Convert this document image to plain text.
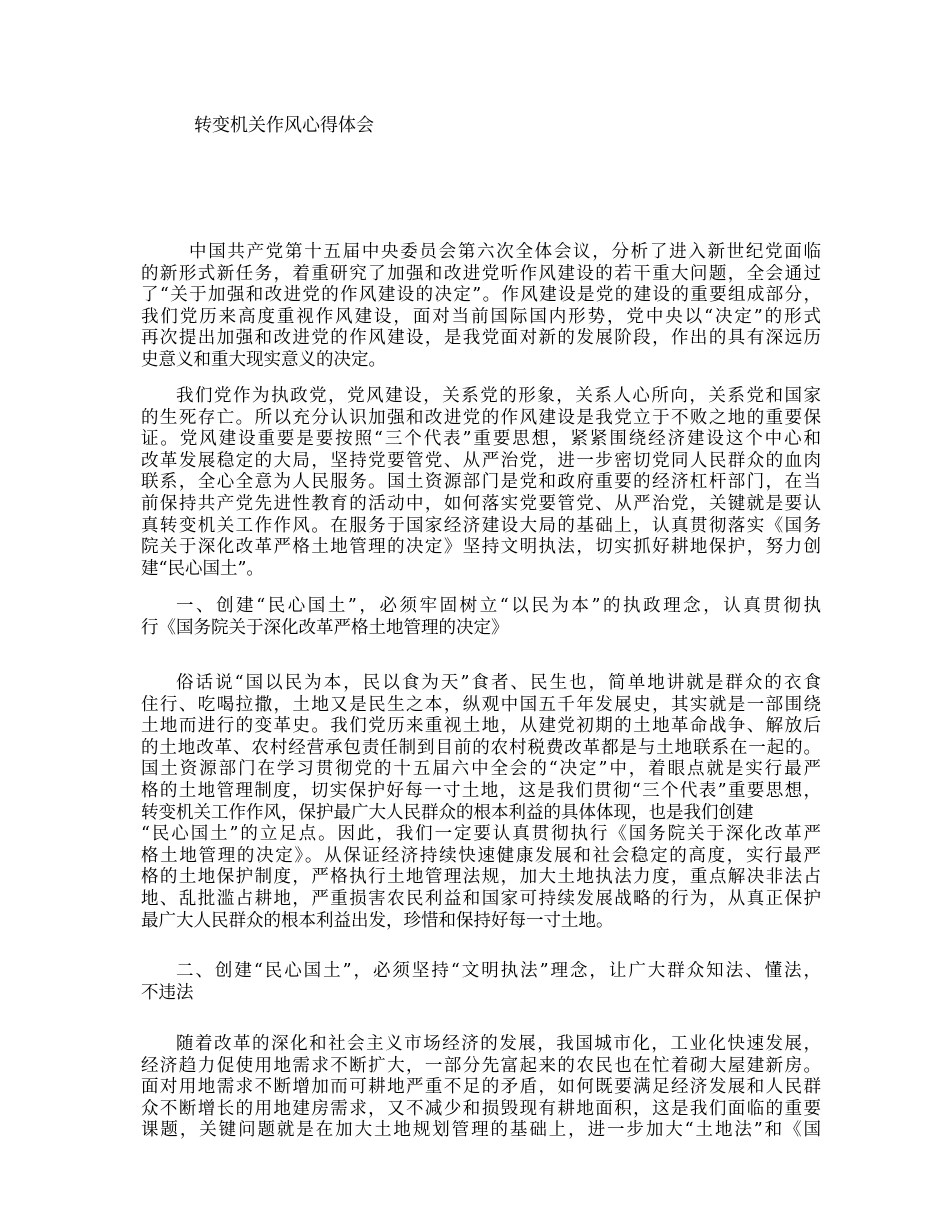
转变机关作风心得体会
中国共产党第十五届中央委员会第六次全体会议，分析了进入新世纪党面临
的新形式新任务，着重研究了加强和改进党听作风建设的若干重大问题，全会通过
了“关于加强和改进党的作风建设的决定”。作风建设是党的建设的重要组成部分，
我们党历来高度重视作风建设，面对当前国际国内形势，党中央以“决定”的形式
再次提出加强和改进党的作风建设，是我党面对新的发展阶段，作出的具有深远历
史意义和重大现实意义的决定。
我们党作为执政党，党风建设，关系党的形象，关系人心所向，关系党和国家
的生死存亡。所以充分认识加强和改进党的作风建设是我党立于不败之地的重要保
证。党风建设重要是要按照“三个代表”重要思想，紧紧围绕经济建设这个中心和
改革发展稳定的大局，坚持党要管党、从严治党，进一步密切党同人民群众的血肉
联系，全心全意为人民服务。国土资源部门是党和政府重要的经济杠杆部门，在当
前保持共产党先进性教育的活动中，如何落实党要管党、从严治党，关键就是要认
真转变机关工作作风。在服务于国家经济建设大局的基础上，认真贯彻落实《国务
院关于深化改革严格土地管理的决定》坚持文明执法，切实抓好耕地保护，努力创
建“民心国土”。
一、创建“民心国土”，必须牢固树立“以民为本”的执政理念，认真贯彻执
行《国务院关于深化改革严格土地管理的决定》
俗话说“国以民为本，民以食为天”食者、民生也，简单地讲就是群众的衣食
住行、吃喝拉撒，土地又是民生之本，纵观中国五千年发展史，其实就是一部围绕
土地而进行的变革史。我们党历来重视土地，从建党初期的土地革命战争、解放后
的土地改革、农村经营承包责任制到目前的农村税费改革都是与土地联系在一起的。
国土资源部门在学习贯彻党的十五届六中全会的“决定”中，着眼点就是实行最严
格的土地管理制度，切实保护好每一寸土地，这是我们贯彻“三个代表”重要思想，
转变机关工作作风，保护最广大人民群众的根本利益的具体体现，也是我们创建
“民心国土”的立足点。因此，我们一定要认真贯彻执行《国务院关于深化改革严
格土地管理的决定》。从保证经济持续快速健康发展和社会稳定的高度，实行最严
格的土地保护制度，严格执行土地管理法规，加大土地执法力度，重点解决非法占
地、乱批滥占耕地，严重损害农民利益和国家可持续发展战略的行为，从真正保护
最广大人民群众的根本利益出发，珍惜和保持好每一寸土地。
二、创建“民心国土”，必须坚持“文明执法”理念，让广大群众知法、懂法，
不违法
随着改革的深化和社会主义市场经济的发展，我国城市化，工业化快速发展，
经济趋力促使用地需求不断扩大，一部分先富起来的农民也在忙着砌大屋建新房。
面对用地需求不断增加而可耕地严重不足的矛盾，如何既要满足经济发展和人民群
众不断增长的用地建房需求，又不减少和损毁现有耕地面积，这是我们面临的重要
课题，关键问题就是在加大土地规划管理的基础上，进一步加大“土地法”和《国
